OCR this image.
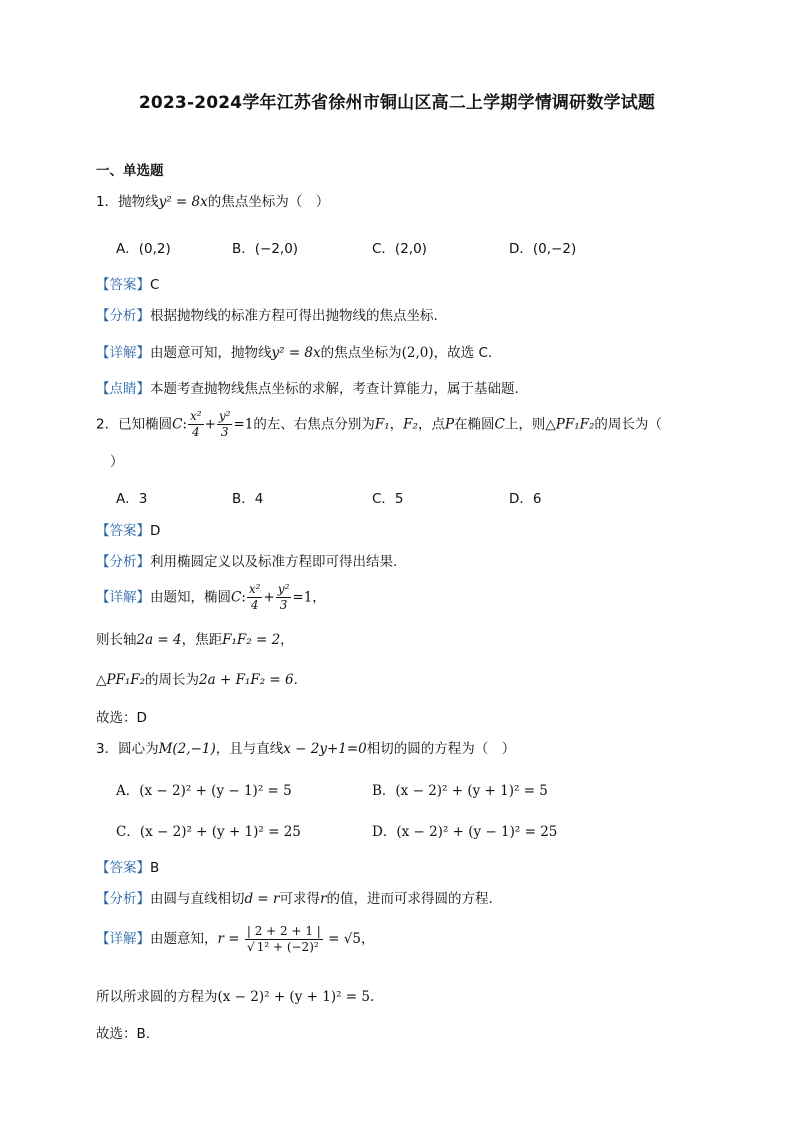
2023-2024学年江苏省徐州市铜山区高二上学期学情调研数学试题
一、单选题
1．抛物线y² = 8x的焦点坐标为（　）
A．(0,2)	B．(−2,0)	C．(2,0)	D．(0,−2)
【答案】C
【分析】根据抛物线的标准方程可得出抛物线的焦点坐标.
【详解】由题意可知，抛物线y² = 8x的焦点坐标为(2,0)，故选 C.
【点睛】本题考查抛物线焦点坐标的求解，考查计算能力，属于基础题.
2．已知椭圆C: $\frac{\text{x²}}{4} + \frac{\text{y²}}{3} =1$的左、右焦点分别为F₁，F₂，点P在椭圆C上，则△PF₁F₂的周长为（
）
A．3	B．4	C．5	D．6
【答案】D
【分析】利用椭圆定义以及标准方程即可得出结果.
【详解】由题知，椭圆C: $\frac{\text{x²}}{4} + \frac{\text{y²}}{3} =1$，
则长轴2a = 4，焦距F₁F₂ = 2，
△PF₁F₂的周长为2a + F₁F₂ = 6.
故选：D
3．圆心为M(2,−1)，且与直线x − 2y+1=0相切的圆的方程为（　）
A．(x − 2)² + (y − 1)² = 5	B．(x − 2)² + (y + 1)² = 5
C．(x − 2)² + (y + 1)² = 25	D．(x − 2)² + (y − 1)² = 25
【答案】B
【分析】由圆与直线相切d = r可求得r的值，进而可求得圆的方程.
【详解】由题意知，$r = \frac{| 2 + 2 + 1 |}{\text{√ 1² + (−2)²}} = √5$，
所以所求圆的方程为(x − 2)² + (y + 1)² = 5.
故选：B.
